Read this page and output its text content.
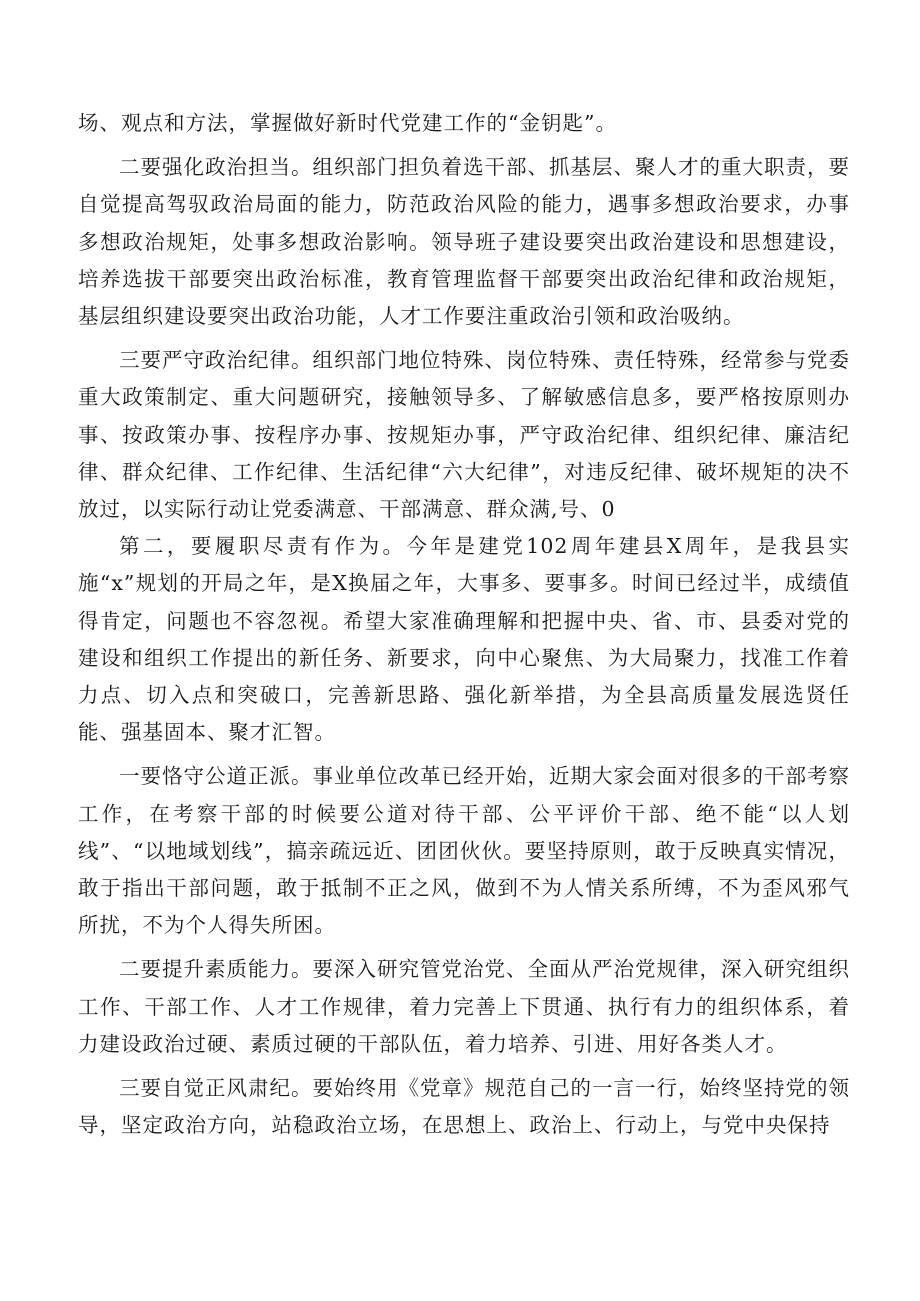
场、观点和方法，掌握做好新时代党建工作的“金钥匙”。

二要强化政治担当。组织部门担负着选干部、抓基层、聚人才的重大职责，要自觉提高驾驭政治局面的能力，防范政治风险的能力，遇事多想政治要求，办事多想政治规矩，处事多想政治影响。领导班子建设要突出政治建设和思想建设，培养选拔干部要突出政治标准，教育管理监督干部要突出政治纪律和政治规矩，基层组织建设要突出政治功能，人才工作要注重政治引领和政治吸纳。

三要严守政治纪律。组织部门地位特殊、岗位特殊、责任特殊，经常参与党委重大政策制定、重大问题研究，接触领导多、了解敏感信息多，要严格按原则办事、按政策办事、按程序办事、按规矩办事，严守政治纪律、组织纪律、廉洁纪律、群众纪律、工作纪律、生活纪律“六大纪律”，对违反纪律、破坏规矩的决不放过，以实际行动让党委满意、干部满意、群众满,号、0

第二，要履职尽责有作为。今年是建党102周年建县X周年，是我县实施“x”规划的开局之年，是X换届之年，大事多、要事多。时间已经过半，成绩值得肯定，问题也不容忽视。希望大家准确理解和把握中央、省、市、县委对党的建设和组织工作提出的新任务、新要求，向中心聚焦、为大局聚力，找准工作着力点、切入点和突破口，完善新思路、强化新举措，为全县高质量发展选贤任能、强基固本、聚才汇智。

一要恪守公道正派。事业单位改革已经开始，近期大家会面对很多的干部考察工作，在考察干部的时候要公道对待干部、公平评价干部、绝不能“以人划线”、“以地域划线”，搞亲疏远近、团团伙伙。要坚持原则，敢于反映真实情况，敢于指出干部问题，敢于抵制不正之风，做到不为人情关系所缚，不为歪风邪气所扰，不为个人得失所困。

二要提升素质能力。要深入研究管党治党、全面从严治党规律，深入研究组织工作、干部工作、人才工作规律，着力完善上下贯通、执行有力的组织体系，着力建设政治过硬、素质过硬的干部队伍，着力培养、引进、用好各类人才。

三要自觉正风肃纪。要始终用《党章》规范自己的一言一行，始终坚持党的领导，坚定政治方向，站稳政治立场，在思想上、政治上、行动上，与党中央保持
